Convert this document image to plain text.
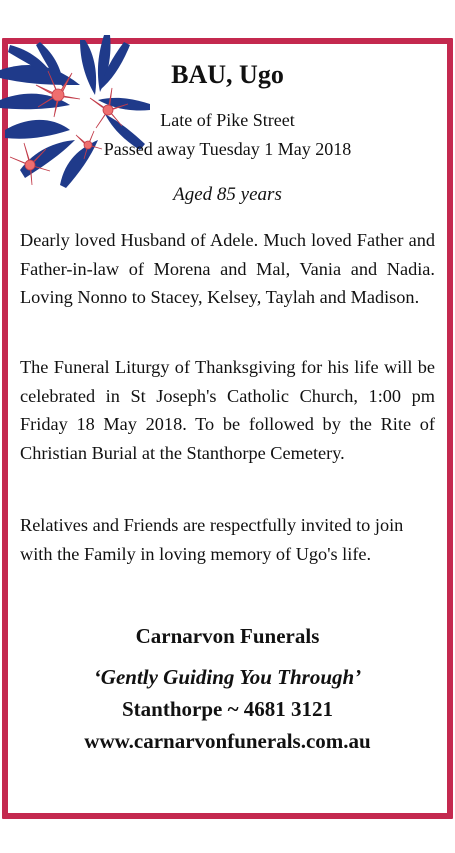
BAU, Ugo
Late of Pike Street
Passed away Tuesday 1 May 2018
Aged 85 years
Dearly loved Husband of Adele. Much loved Father and Father-in-law of Morena and Mal, Vania and Nadia. Loving Nonno to Stacey, Kelsey, Taylah and Madison.
The Funeral Liturgy of Thanksgiving for his life will be celebrated in St Joseph's Catholic Church, 1:00 pm Friday 18 May 2018. To be followed by the Rite of Christian Burial at the Stanthorpe Cemetery.
Relatives and Friends are respectfully invited to join with the Family in loving memory of Ugo's life.
Carnarvon Funerals
‘Gently Guiding You Through’
Stanthorpe ~ 4681 3121
www.carnarvonfunerals.com.au
